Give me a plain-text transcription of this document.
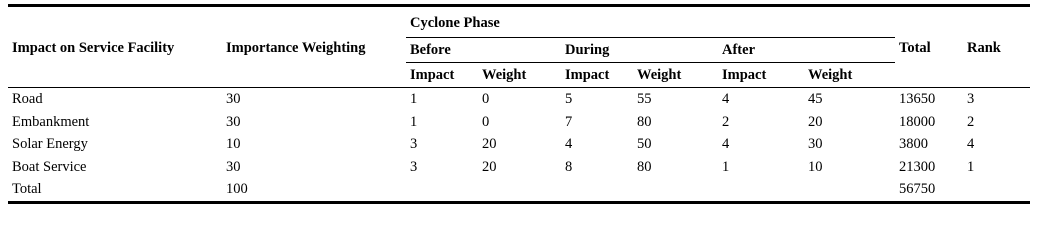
Impact on Service Facility	Importance Weighting	Cyclone Phase						Total	Rank
		Before		During		After			
		Impact	Weight	Impact	Weight	Impact	Weight		
Road	30	1	0	5	55	4	45	13650	3
Embankment	30	1	0	7	80	2	20	18000	2
Solar Energy	10	3	20	4	50	4	30	3800	4
Boat Service	30	3	20	8	80	1	10	21300	1
Total	100							56750	
